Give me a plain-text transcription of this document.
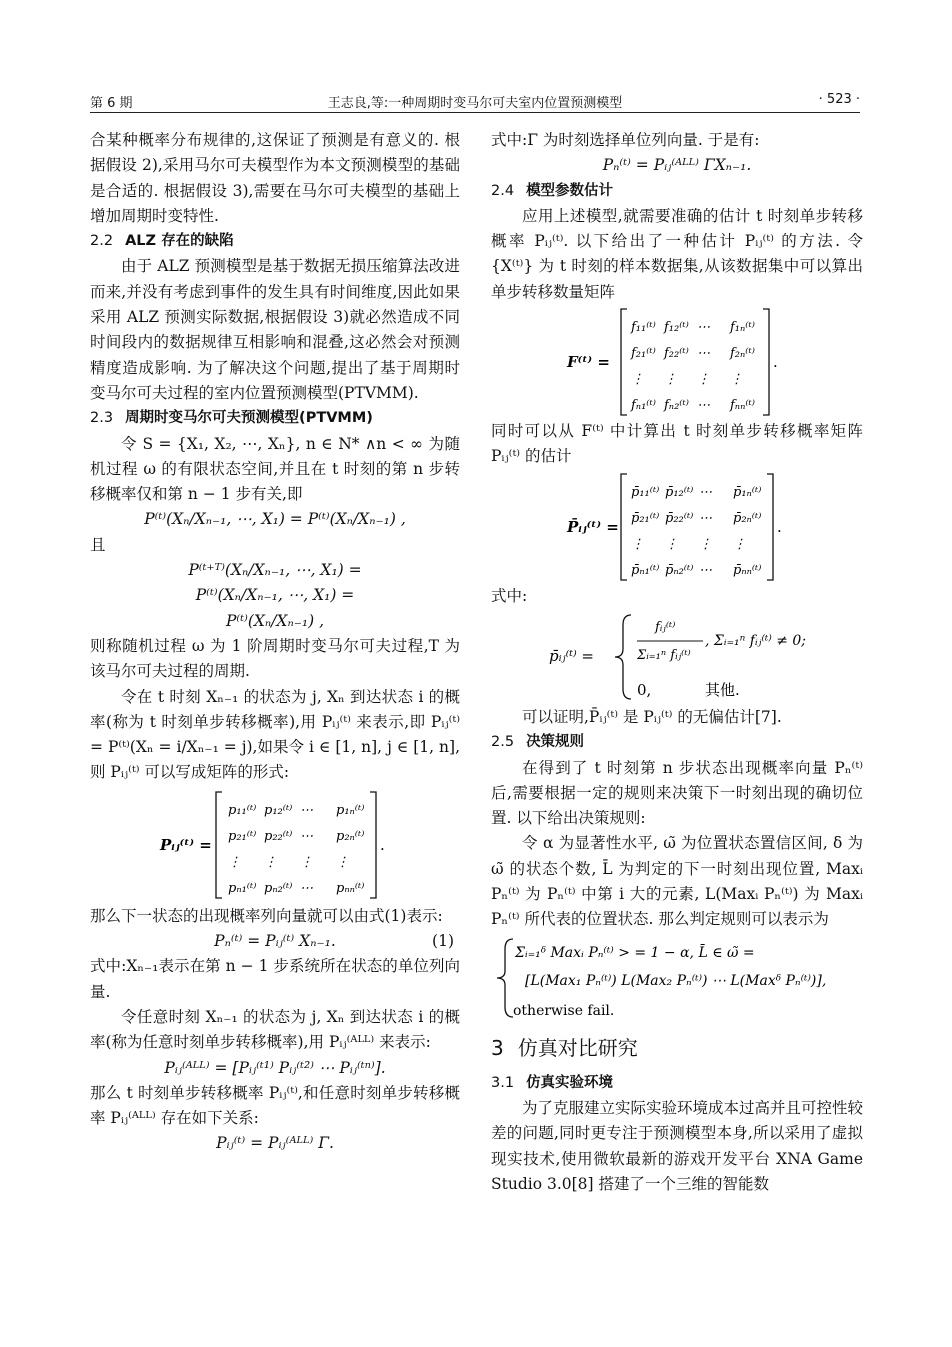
第 6 期	王志良,等:一种周期时变马尔可夫室内位置预测模型	· 523 ·

合某种概率分布规律的,这保证了预测是有意义的. 根据假设 2),采用马尔可夫模型作为本文预测模型的基础是合适的. 根据假设 3),需要在马尔可夫模型的基础上增加周期时变特性.

2.2 ALZ 存在的缺陷

由于 ALZ 预测模型是基于数据无损压缩算法改进而来,并没有考虑到事件的发生具有时间维度,因此如果采用 ALZ 预测实际数据,根据假设 3)就必然造成不同时间段内的数据规律互相影响和混叠,这必然会对预测精度造成影响. 为了解决这个问题,提出了基于周期时变马尔可夫过程的室内位置预测模型(PTVMM).

2.3 周期时变马尔可夫预测模型(PTVMM)

令 S = {X₁, X₂, ⋯, Xₙ}, n ∈ N* ∧n < ∞ 为随机过程 ω 的有限状态空间,并且在 t 时刻的第 n 步转移概率仅和第 n − 1 步有关,即

P⁽ᵗ⁾(Xₙ/Xₙ₋₁, ⋯, X₁) = P⁽ᵗ⁾(Xₙ/Xₙ₋₁) ,

且

P⁽ᵗ⁺ᵀ⁾(Xₙ/Xₙ₋₁, ⋯, X₁) =
P⁽ᵗ⁾(Xₙ/Xₙ₋₁, ⋯, X₁) =
P⁽ᵗ⁾(Xₙ/Xₙ₋₁) ,

则称随机过程 ω 为 1 阶周期时变马尔可夫过程,T 为该马尔可夫过程的周期.

令在 t 时刻 Xₙ₋₁ 的状态为 j, Xₙ 到达状态 i 的概率(称为 t 时刻单步转移概率),用 Pᵢⱼ⁽ᵗ⁾ 来表示,即 Pᵢⱼ⁽ᵗ⁾ = P⁽ᵗ⁾(Xₙ = i/Xₙ₋₁ = j),如果令 i ∈ [1, n], j ∈ [1, n],则 Pᵢⱼ⁽ᵗ⁾ 可以写成矩阵的形式:

Pᵢⱼ⁽ᵗ⁾ =
p₁₁⁽ᵗ⁾ p₁₂⁽ᵗ⁾ ⋯ p₁ₙ⁽ᵗ⁾
p₂₁⁽ᵗ⁾ p₂₂⁽ᵗ⁾ ⋯ p₂ₙ⁽ᵗ⁾
⋮ ⋮ ⋮ ⋮
pₙ₁⁽ᵗ⁾ pₙ₂⁽ᵗ⁾ ⋯ pₙₙ⁽ᵗ⁾
.

那么下一状态的出现概率列向量就可以由式(1)表示:

Pₙ⁽ᵗ⁾ = Pᵢⱼ⁽ᵗ⁾ Xₙ₋₁.	(1)

式中:Xₙ₋₁表示在第 n − 1 步系统所在状态的单位列向量.

令任意时刻 Xₙ₋₁ 的状态为 j, Xₙ 到达状态 i 的概率(称为任意时刻单步转移概率),用 Pᵢⱼ⁽ᴬᴸᴸ⁾ 来表示:

Pᵢⱼ⁽ᴬᴸᴸ⁾ = [Pᵢⱼ⁽ᵗ¹⁾ Pᵢⱼ⁽ᵗ²⁾ ⋯ Pᵢⱼ⁽ᵗⁿ⁾].

那么 t 时刻单步转移概率 Pᵢⱼ⁽ᵗ⁾,和任意时刻单步转移概率 Pᵢⱼ⁽ᴬᴸᴸ⁾ 存在如下关系:

Pᵢⱼ⁽ᵗ⁾ = Pᵢⱼ⁽ᴬᴸᴸ⁾ Γ.

式中:Γ 为时刻选择单位列向量. 于是有:

Pₙ⁽ᵗ⁾ = Pᵢⱼ⁽ᴬᴸᴸ⁾ ΓXₙ₋₁.
2.4 模型参数估计

应用上述模型,就需要准确的估计 t 时刻单步转移概率 Pᵢⱼ⁽ᵗ⁾. 以下给出了一种估计 Pᵢⱼ⁽ᵗ⁾ 的方法. 令 {X⁽ᵗ⁾} 为 t 时刻的样本数据集,从该数据集中可以算出单步转移数量矩阵

F⁽ᵗ⁾ =
f₁₁⁽ᵗ⁾ f₁₂⁽ᵗ⁾ ⋯ f₁ₙ⁽ᵗ⁾
f₂₁⁽ᵗ⁾ f₂₂⁽ᵗ⁾ ⋯ f₂ₙ⁽ᵗ⁾
⋮ ⋮ ⋮ ⋮
fₙ₁⁽ᵗ⁾ fₙ₂⁽ᵗ⁾ ⋯ fₙₙ⁽ᵗ⁾
.

同时可以从 F⁽ᵗ⁾ 中计算出 t 时刻单步转移概率矩阵 Pᵢⱼ⁽ᵗ⁾ 的估计

P̄ᵢⱼ⁽ᵗ⁾ =
p̄₁₁⁽ᵗ⁾ p̄₁₂⁽ᵗ⁾ ⋯ p̄₁ₙ⁽ᵗ⁾
p̄₂₁⁽ᵗ⁾ p̄₂₂⁽ᵗ⁾ ⋯ p̄₂ₙ⁽ᵗ⁾
⋮ ⋮ ⋮ ⋮
p̄ₙ₁⁽ᵗ⁾ p̄ₙ₂⁽ᵗ⁾ ⋯ p̄ₙₙ⁽ᵗ⁾
.

式中:

p̄ᵢⱼ⁽ᵗ⁾ =
fᵢⱼ⁽ᵗ⁾
Σᵢ₌₁ⁿ fᵢⱼ⁽ᵗ⁾
, Σᵢ₌₁ⁿ fᵢⱼ⁽ᵗ⁾ ≠ 0;
0,	其他.

可以证明,P̄ᵢⱼ⁽ᵗ⁾ 是 Pᵢⱼ⁽ᵗ⁾ 的无偏估计[7].

2.5 决策规则

在得到了 t 时刻第 n 步状态出现概率向量 Pₙ⁽ᵗ⁾ 后,需要根据一定的规则来决策下一时刻出现的确切位置. 以下给出决策规则:

令 α 为显著性水平, ω̃ 为位置状态置信区间, δ 为 ω̃ 的状态个数, L̄ 为判定的下一时刻出现位置, Maxᵢ Pₙ⁽ᵗ⁾ 为 Pₙ⁽ᵗ⁾ 中第 i 大的元素, L(Maxᵢ Pₙ⁽ᵗ⁾) 为 Maxᵢ Pₙ⁽ᵗ⁾ 所代表的位置状态. 那么判定规则可以表示为

Σᵢ₌₁ᵟ Maxᵢ Pₙ⁽ᵗ⁾ > = 1 − α, L̄ ∈ ω̃ =
[L(Max₁ Pₙ⁽ᵗ⁾) L(Max₂ Pₙ⁽ᵗ⁾) ⋯ L(Maxᵟ Pₙ⁽ᵗ⁾)],
otherwise fail.
3 仿真对比研究
3.1 仿真实验环境

为了克服建立实际实验环境成本过高并且可控性较差的问题,同时更专注于预测模型本身,所以采用了虚拟现实技术,使用微软最新的游戏开发平台 XNA Game Studio 3.0[8] 搭建了一个三维的智能数
